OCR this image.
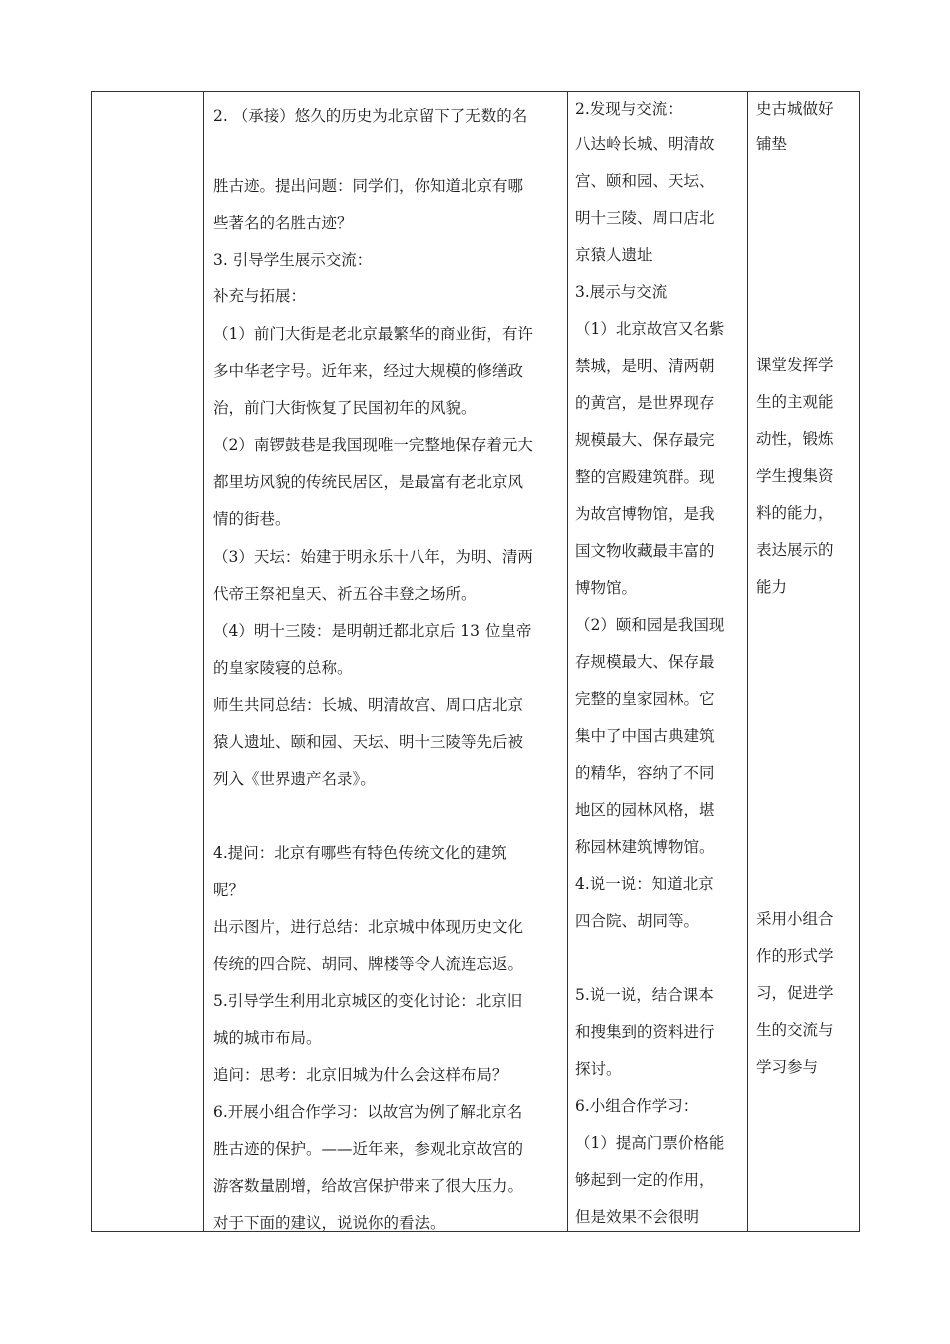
2. （承接）悠久的历史为北京留下了无数的名

胜古迹。提出问题：同学们，你知道北京有哪

些著名的名胜古迹？

3. 引导学生展示交流：

补充与拓展：

（1）前门大街是老北京最繁华的商业街，有许

多中华老字号。近年来，经过大规模的修缮政

治，前门大街恢复了民国初年的风貌。

（2）南锣鼓巷是我国现唯一完整地保存着元大

都里坊风貌的传统民居区，是最富有老北京风

情的街巷。

（3）天坛：始建于明永乐十八年，为明、清两

代帝王祭祀皇天、祈五谷丰登之场所。

（4）明十三陵：是明朝迁都北京后 13 位皇帝

的皇家陵寝的总称。

师生共同总结：长城、明清故宫、周口店北京

猿人遗址、颐和园、天坛、明十三陵等先后被

列入《世界遗产名录》。

4.提问：北京有哪些有特色传统文化的建筑

呢？

出示图片，进行总结：北京城中体现历史文化

传统的四合院、胡同、牌楼等令人流连忘返。

5.引导学生利用北京城区的变化讨论：北京旧

城的城市布局。

追问：思考：北京旧城为什么会这样布局？

6.开展小组合作学习：以故宫为例了解北京名

胜古迹的保护。——近年来，参观北京故宫的

游客数量剧增，给故宫保护带来了很大压力。

对于下面的建议，说说你的看法。

2.发现与交流：

八达岭长城、明清故

宫、颐和园、天坛、

明十三陵、周口店北

京猿人遗址

3.展示与交流

（1）北京故宫又名紫

禁城，是明、清两朝

的黄宫，是世界现存

规模最大、保存最完

整的宫殿建筑群。现

为故宫博物馆，是我

国文物收藏最丰富的

博物馆。

（2）颐和园是我国现

存规模最大、保存最

完整的皇家园林。它

集中了中国古典建筑

的精华，容纳了不同

地区的园林风格，堪

称园林建筑博物馆。

4.说一说：知道北京

四合院、胡同等。

5.说一说，结合课本

和搜集到的资料进行

探讨。

6.小组合作学习：

（1）提高门票价格能

够起到一定的作用，

但是效果不会很明

史古城做好

铺垫

课堂发挥学

生的主观能

动性，锻炼

学生搜集资

料的能力，

表达展示的

能力

采用小组合

作的形式学

习，促进学

生的交流与

学习参与
